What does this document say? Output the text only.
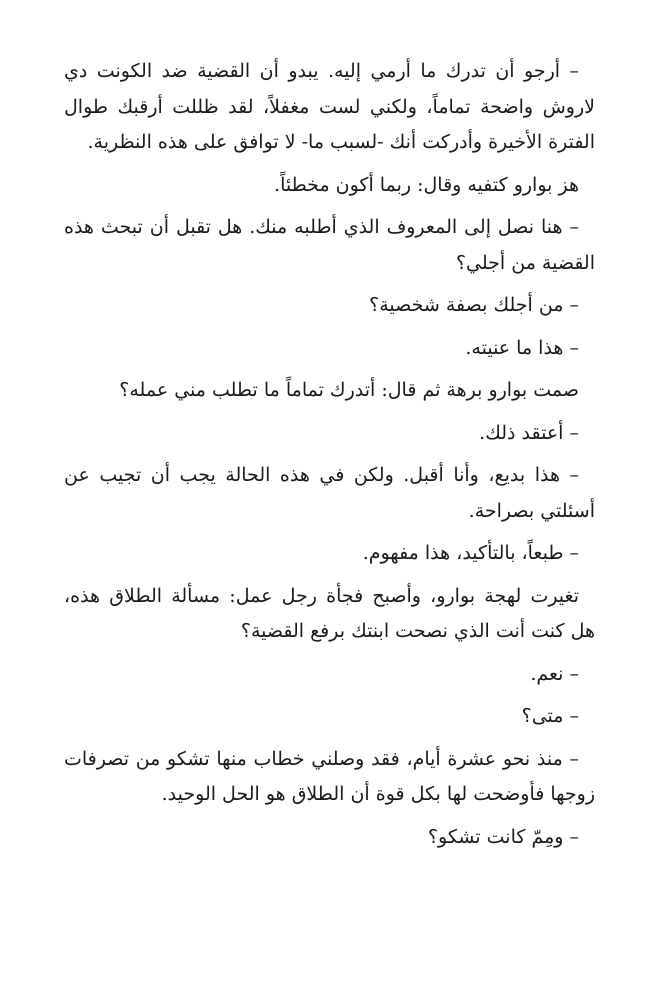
– أرجو أن تدرك ما أرمي إليه. يبدو أن القضية ضد الكونت دي لاروش واضحة تماماً، ولكني لست مغفلاً، لقد ظللت أرقبك طوال الفترة الأخيرة وأدركت أنك -لسبب ما- لا توافق على هذه النظرية.

هز بوارو كتفيه وقال: ربما أكون مخطئاً.

– هنا نصل إلى المعروف الذي أطلبه منك. هل تقبل أن تبحث هذه القضية من أجلي؟

– من أجلك بصفة شخصية؟

– هذا ما عنيته.

صمت بوارو برهة ثم قال: أتدرك تماماً ما تطلب مني عمله؟

– أعتقد ذلك.

– هذا بديع، وأنا أقبل. ولكن في هذه الحالة يجب أن تجيب عن أسئلتي بصراحة.

– طبعاً، بالتأكيد، هذا مفهوم.

تغيرت لهجة بوارو، وأصبح فجأة رجل عمل: مسألة الطلاق هذه، هل كنت أنت الذي نصحت ابنتك برفع القضية؟

– نعم.

– متى؟

– منذ نحو عشرة أيام، فقد وصلني خطاب منها تشكو من تصرفات زوجها فأوضحت لها بكل قوة أن الطلاق هو الحل الوحيد.

– ومِمّ كانت تشكو؟
